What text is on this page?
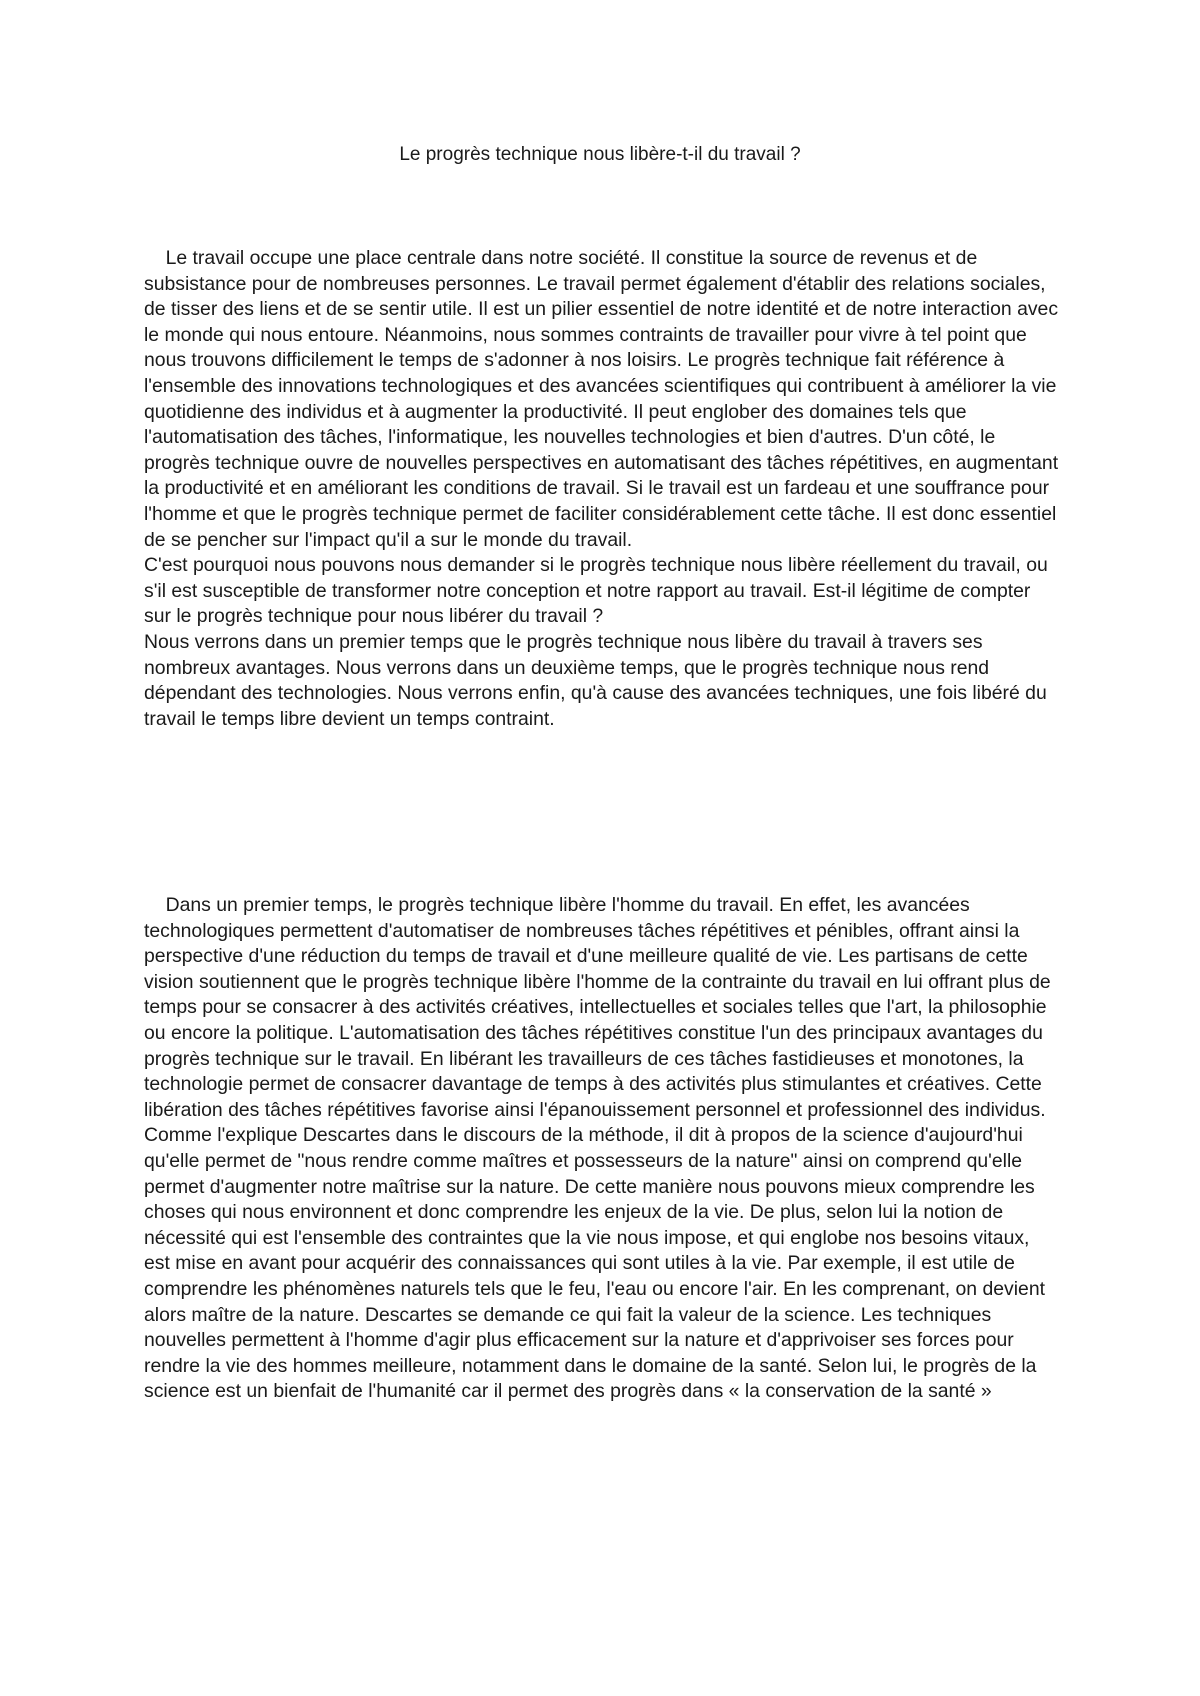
Le progrès technique nous libère-t-il du travail ?

Le travail occupe une place centrale dans notre société. Il constitue la source de revenus et de subsistance pour de nombreuses personnes. Le travail permet également d'établir des relations sociales, de tisser des liens et de se sentir utile. Il est un pilier essentiel de notre identité et de notre interaction avec le monde qui nous entoure. Néanmoins, nous sommes contraints de travailler pour vivre à tel point que nous trouvons difficilement le temps de s'adonner à nos loisirs. Le progrès technique fait référence à l'ensemble des innovations technologiques et des avancées scientifiques qui contribuent à améliorer la vie quotidienne des individus et à augmenter la productivité. Il peut englober des domaines tels que l'automatisation des tâches, l'informatique, les nouvelles technologies et bien d'autres. D'un côté, le progrès technique ouvre de nouvelles perspectives en automatisant des tâches répétitives, en augmentant la productivité et en améliorant les conditions de travail. Si le travail est un fardeau et une souffrance pour l'homme et que le progrès technique permet de faciliter considérablement cette tâche. Il est donc essentiel de se pencher sur l'impact qu'il a sur le monde du travail.
C'est pourquoi nous pouvons nous demander si le progrès technique nous libère réellement du travail, ou s'il est susceptible de transformer notre conception et notre rapport au travail. Est-il légitime de compter sur le progrès technique pour nous libérer du travail ?
Nous verrons dans un premier temps que le progrès technique nous libère du travail à travers ses nombreux avantages. Nous verrons dans un deuxième temps, que le progrès technique nous rend dépendant des technologies. Nous verrons enfin, qu'à cause des avancées techniques, une fois libéré du travail le temps libre devient un temps contraint.

Dans un premier temps, le progrès technique libère l'homme du travail. En effet, les avancées technologiques permettent d'automatiser de nombreuses tâches répétitives et pénibles, offrant ainsi la perspective d'une réduction du temps de travail et d'une meilleure qualité de vie. Les partisans de cette vision soutiennent que le progrès technique libère l'homme de la contrainte du travail en lui offrant plus de temps pour se consacrer à des activités créatives, intellectuelles et sociales telles que l'art, la philosophie ou encore la politique. L'automatisation des tâches répétitives constitue l'un des principaux avantages du progrès technique sur le travail. En libérant les travailleurs de ces tâches fastidieuses et monotones, la technologie permet de consacrer davantage de temps à des activités plus stimulantes et créatives. Cette libération des tâches répétitives favorise ainsi l'épanouissement personnel et professionnel des individus. Comme l'explique Descartes dans le discours de la méthode, il dit à propos de la science d'aujourd'hui qu'elle permet de "nous rendre comme maîtres et possesseurs de la nature" ainsi on comprend qu'elle permet d'augmenter notre maîtrise sur la nature. De cette manière nous pouvons mieux comprendre les choses qui nous environnent et donc comprendre les enjeux de la vie. De plus, selon lui la notion de nécessité qui est l'ensemble des contraintes que la vie nous impose, et qui englobe nos besoins vitaux, est mise en avant pour acquérir des connaissances qui sont utiles à la vie. Par exemple, il est utile de comprendre les phénomènes naturels tels que le feu, l'eau ou encore l'air. En les comprenant, on devient alors maître de la nature. Descartes se demande ce qui fait la valeur de la science. Les techniques nouvelles permettent à l'homme d'agir plus efficacement sur la nature et d'apprivoiser ses forces pour rendre la vie des hommes meilleure, notamment dans le domaine de la santé. Selon lui, le progrès de la science est un bienfait de l'humanité car il permet des progrès dans « la conservation de la santé »
